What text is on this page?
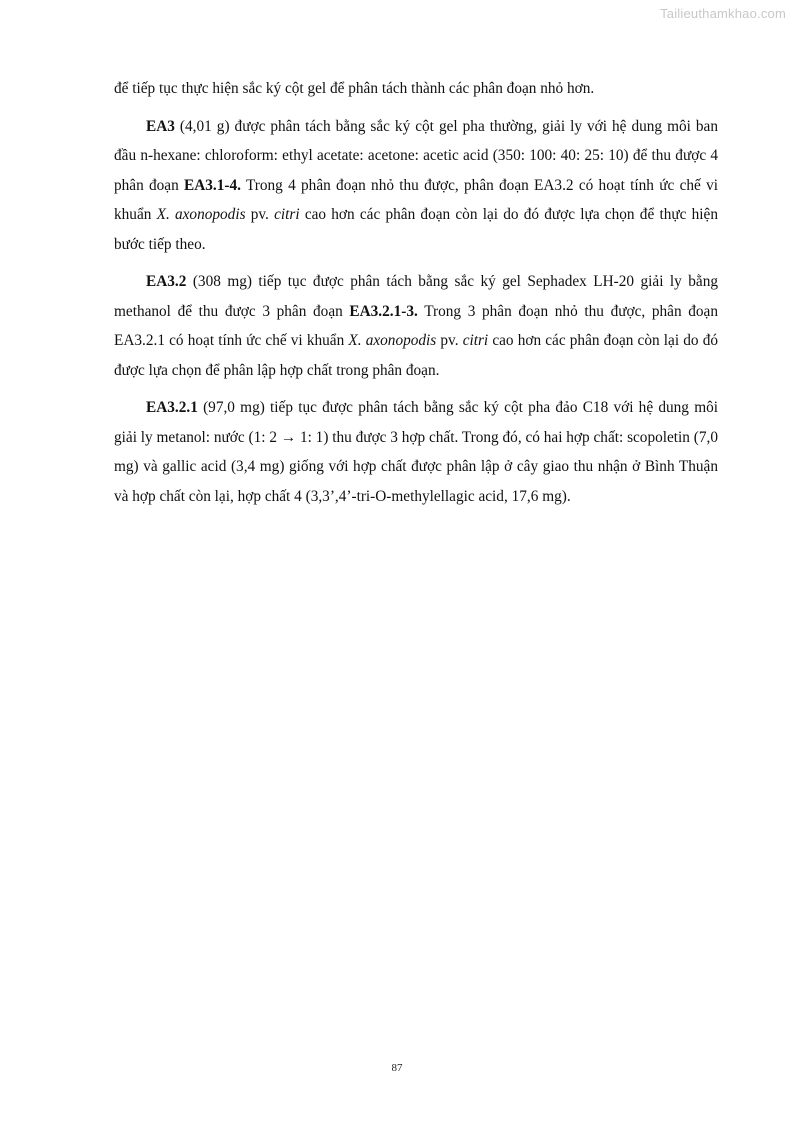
Tailieuthamkhao.com

để tiếp tục thực hiện sắc ký cột gel để phân tách thành các phân đoạn nhỏ hơn.

EA3 (4,01 g) được phân tách bằng sắc ký cột gel pha thường, giải ly với hệ dung môi ban đầu n-hexane: chloroform: ethyl acetate: acetone: acetic acid (350: 100: 40: 25: 10) để thu được 4 phân đoạn EA3.1-4. Trong 4 phân đoạn nhỏ thu được, phân đoạn EA3.2 có hoạt tính ức chế vi khuẩn X. axonopodis pv. citri cao hơn các phân đoạn còn lại do đó được lựa chọn để thực hiện bước tiếp theo.

EA3.2 (308 mg) tiếp tục được phân tách bằng sắc ký gel Sephadex LH-20 giải ly bằng methanol để thu được 3 phân đoạn EA3.2.1-3. Trong 3 phân đoạn nhỏ thu được, phân đoạn EA3.2.1 có hoạt tính ức chế vi khuẩn X. axonopodis pv. citri cao hơn các phân đoạn còn lại do đó được lựa chọn để phân lập hợp chất trong phân đoạn.

EA3.2.1 (97,0 mg) tiếp tục được phân tách bằng sắc ký cột pha đảo C18 với hệ dung môi giải ly metanol: nước (1: 2 → 1: 1) thu được 3 hợp chất. Trong đó, có hai hợp chất: scopoletin (7,0 mg) và gallic acid (3,4 mg) giống với hợp chất được phân lập ở cây giao thu nhận ở Bình Thuận và hợp chất còn lại, hợp chất 4 (3,3’,4’-tri-O-methylellagic acid, 17,6 mg).

87
